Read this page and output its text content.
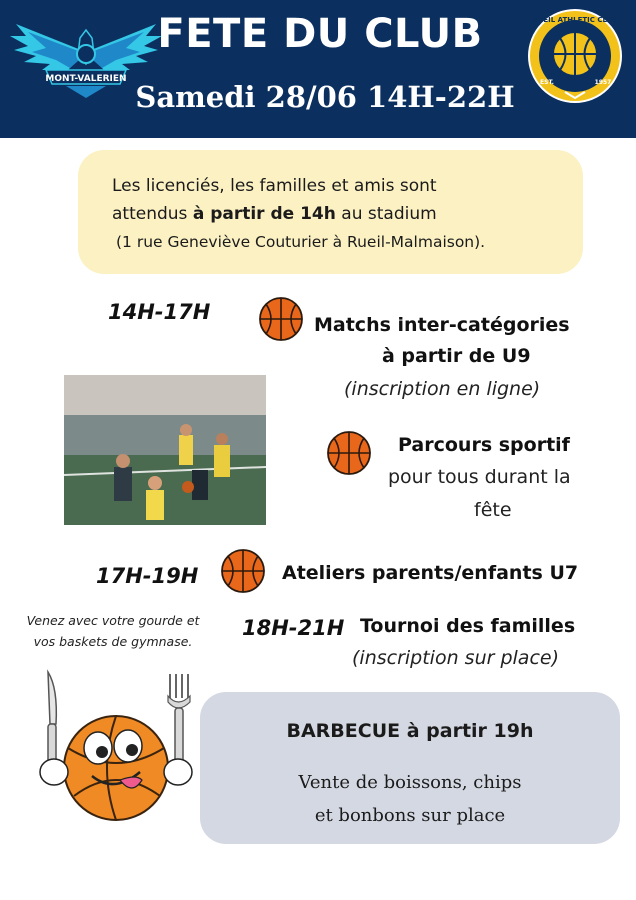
MONT-VALERIEN
FETE DU CLUB
Samedi 28/06 14H-22H
RUEIL ATHLETIC CLUB
EST.	1957
Les licenciés, les familles et amis sont
attendus à partir de 14h au stadium
(1 rue Geneviève Couturier à Rueil-Malmaison).
14H-17H
Matchs inter-catégories
à partir de U9
(inscription en ligne)
Parcours sportif
pour tous durant la
fête
17H-19H	Ateliers parents/enfants U7
Venez avec votre gourde et
vos baskets de gymnase.
18H-21H Tournoi des familles
(inscription sur place)
BARBECUE à partir 19h
Vente de boissons, chips
et bonbons sur place
